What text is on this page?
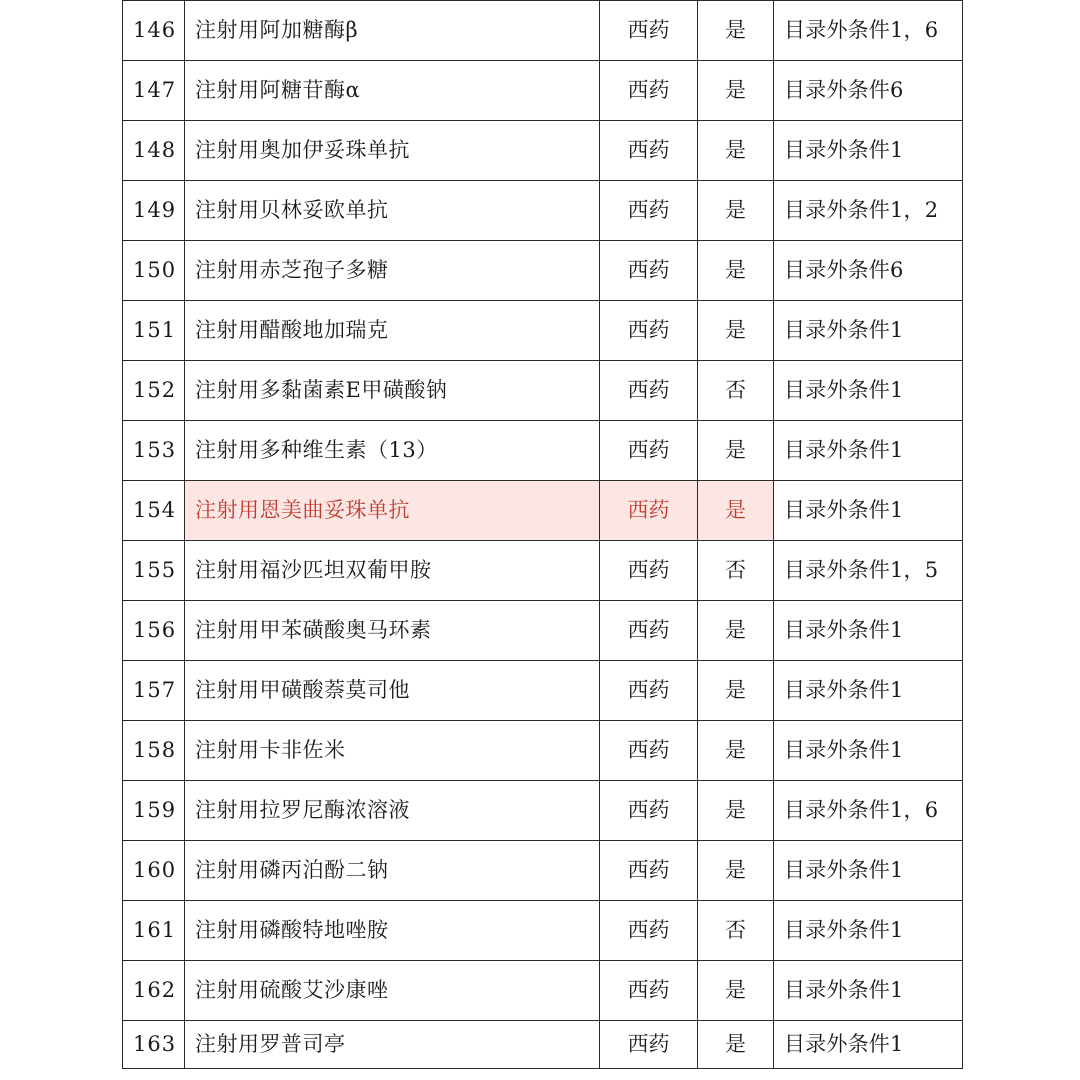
146	注射用阿加糖酶β	西药	是	目录外条件1，6
147	注射用阿糖苷酶α	西药	是	目录外条件6
148	注射用奥加伊妥珠单抗	西药	是	目录外条件1
149	注射用贝林妥欧单抗	西药	是	目录外条件1，2
150	注射用赤芝孢子多糖	西药	是	目录外条件6
151	注射用醋酸地加瑞克	西药	是	目录外条件1
152	注射用多黏菌素E甲磺酸钠	西药	否	目录外条件1
153	注射用多种维生素（13）	西药	是	目录外条件1
154	注射用恩美曲妥珠单抗	西药	是	目录外条件1
155	注射用福沙匹坦双葡甲胺	西药	否	目录外条件1，5
156	注射用甲苯磺酸奥马环素	西药	是	目录外条件1
157	注射用甲磺酸萘莫司他	西药	是	目录外条件1
158	注射用卡非佐米	西药	是	目录外条件1
159	注射用拉罗尼酶浓溶液	西药	是	目录外条件1，6
160	注射用磷丙泊酚二钠	西药	是	目录外条件1
161	注射用磷酸特地唑胺	西药	否	目录外条件1
162	注射用硫酸艾沙康唑	西药	是	目录外条件1
163	注射用罗普司亭	西药	是	目录外条件1
